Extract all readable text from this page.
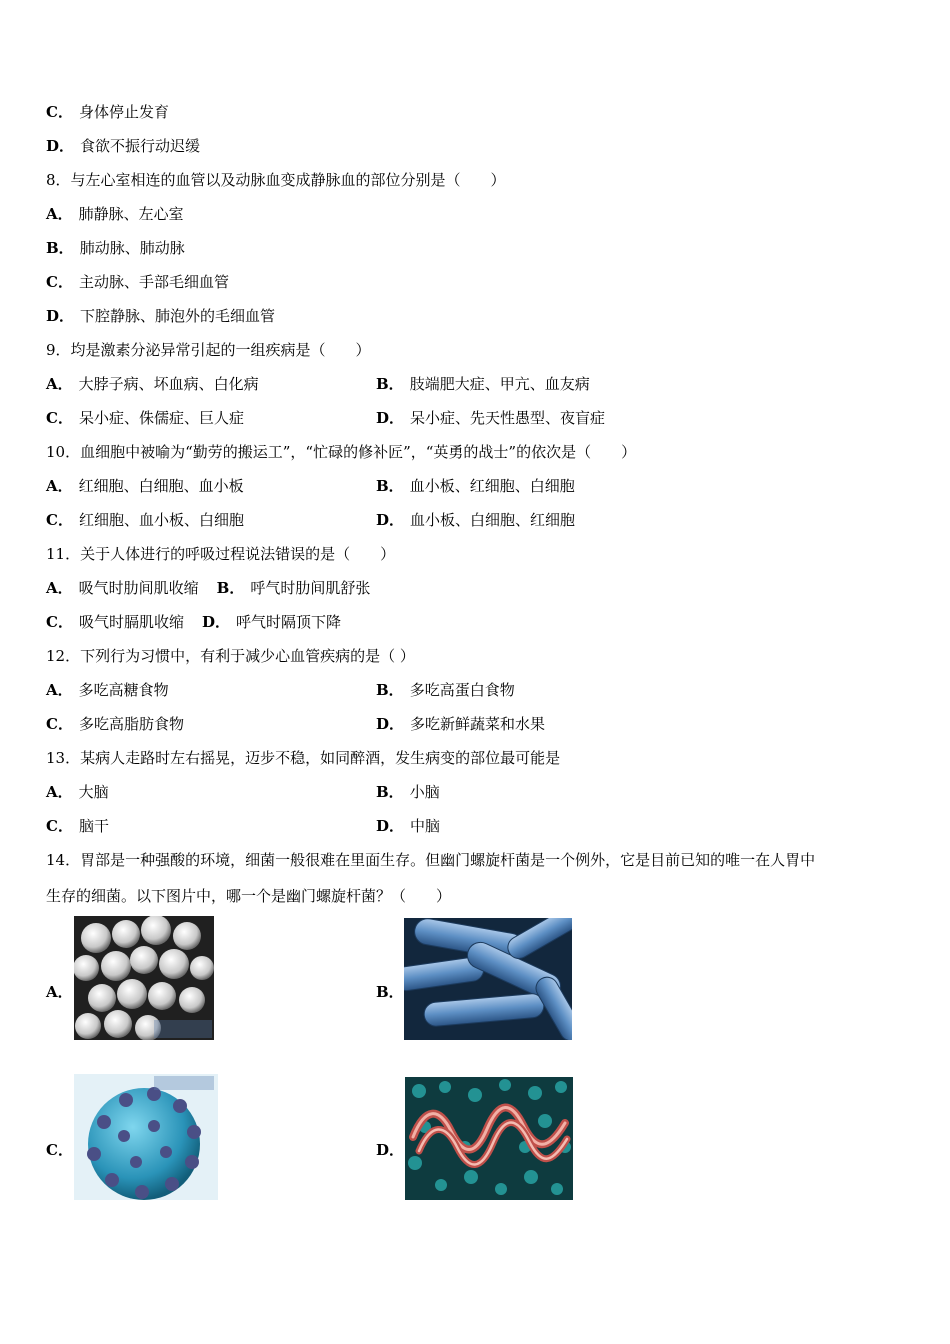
C． 身体停止发育
D． 食欲不振行动迟缓
8．与左心室相连的血管以及动脉血变成静脉血的部位分别是（　　）
A． 肺静脉、左心室
B． 肺动脉、肺动脉
C． 主动脉、手部毛细血管
D． 下腔静脉、肺泡外的毛细血管
9．均是激素分泌异常引起的一组疾病是（　　）
A． 大脖子病、坏血病、白化病	B． 肢端肥大症、甲亢、血友病
C． 呆小症、侏儒症、巨人症	D． 呆小症、先天性愚型、夜盲症
10．血细胞中被喻为“勤劳的搬运工”，“忙碌的修补匠”，“英勇的战士”的依次是（　　）
A． 红细胞、白细胞、血小板	B． 血小板、红细胞、白细胞
C． 红细胞、血小板、白细胞	D． 血小板、白细胞、红细胞
11．关于人体进行的呼吸过程说法错误的是（　　）
A． 吸气时肋间肌收缩 B． 呼气时肋间肌舒张
C． 吸气时膈肌收缩 D． 呼气时隔顶下降
12．下列行为习惯中，有利于减少心血管疾病的是（ ）
A． 多吃高糖食物	B． 多吃高蛋白食物
C． 多吃高脂肪食物	D． 多吃新鲜蔬菜和水果
13．某病人走路时左右摇晃，迈步不稳，如同醉酒，发生病变的部位最可能是
A． 大脑	B． 小脑
C． 脑干	D． 中脑
14．胃部是一种强酸的环境，细菌一般很难在里面生存。但幽门螺旋杆菌是一个例外，它是目前已知的唯一在人胃中
生存的细菌。以下图片中，哪一个是幽门螺旋杆菌？（　　）
A．	B．
C．	D．
